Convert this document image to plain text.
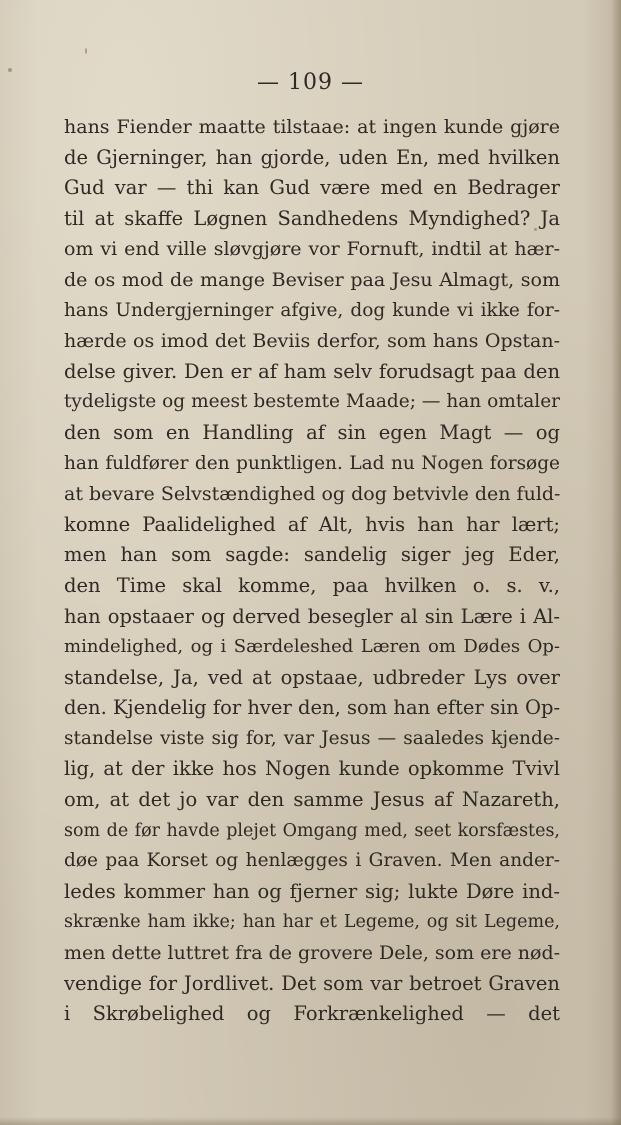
— 109 —
hans Fiender maatte tilstaae: at ingen kunde gjøre
de Gjerninger, han gjorde, uden En, med hvilken
Gud var — thi kan Gud være med en Bedrager
til at skaffe Løgnen Sandhedens Myndighed? Ja
om vi end ville sløvgjøre vor Fornuft, indtil at hær-
de os mod de mange Beviser paa Jesu Almagt, som
hans Undergjerninger afgive, dog kunde vi ikke for-
hærde os imod det Beviis derfor, som hans Opstan-
delse giver. Den er af ham selv forudsagt paa den
tydeligste og meest bestemte Maade; — han omtaler
den som en Handling af sin egen Magt — og
han fuldfører den punktligen. Lad nu Nogen forsøge
at bevare Selvstændighed og dog betvivle den fuld-
komne Paalidelighed af Alt, hvis han har lært;
men han som sagde: sandelig siger jeg Eder,
den Time skal komme, paa hvilken o. s. v.,
han opstaaer og derved besegler al sin Lære i Al-
mindelighed, og i Særdeleshed Læren om Dødes Op-
standelse, Ja, ved at opstaae, udbreder Lys over
den. Kjendelig for hver den, som han efter sin Op-
standelse viste sig for, var Jesus — saaledes kjende-
lig, at der ikke hos Nogen kunde opkomme Tvivl
om, at det jo var den samme Jesus af Nazareth,
som de før havde plejet Omgang med, seet korsfæstes,
døe paa Korset og henlægges i Graven. Men ander-
ledes kommer han og fjerner sig; lukte Døre ind-
skrænke ham ikke; han har et Legeme, og sit Legeme,
men dette luttret fra de grovere Dele, som ere nød-
vendige for Jordlivet. Det som var betroet Graven
i Skrøbelighed og Forkrænkelighed — det
